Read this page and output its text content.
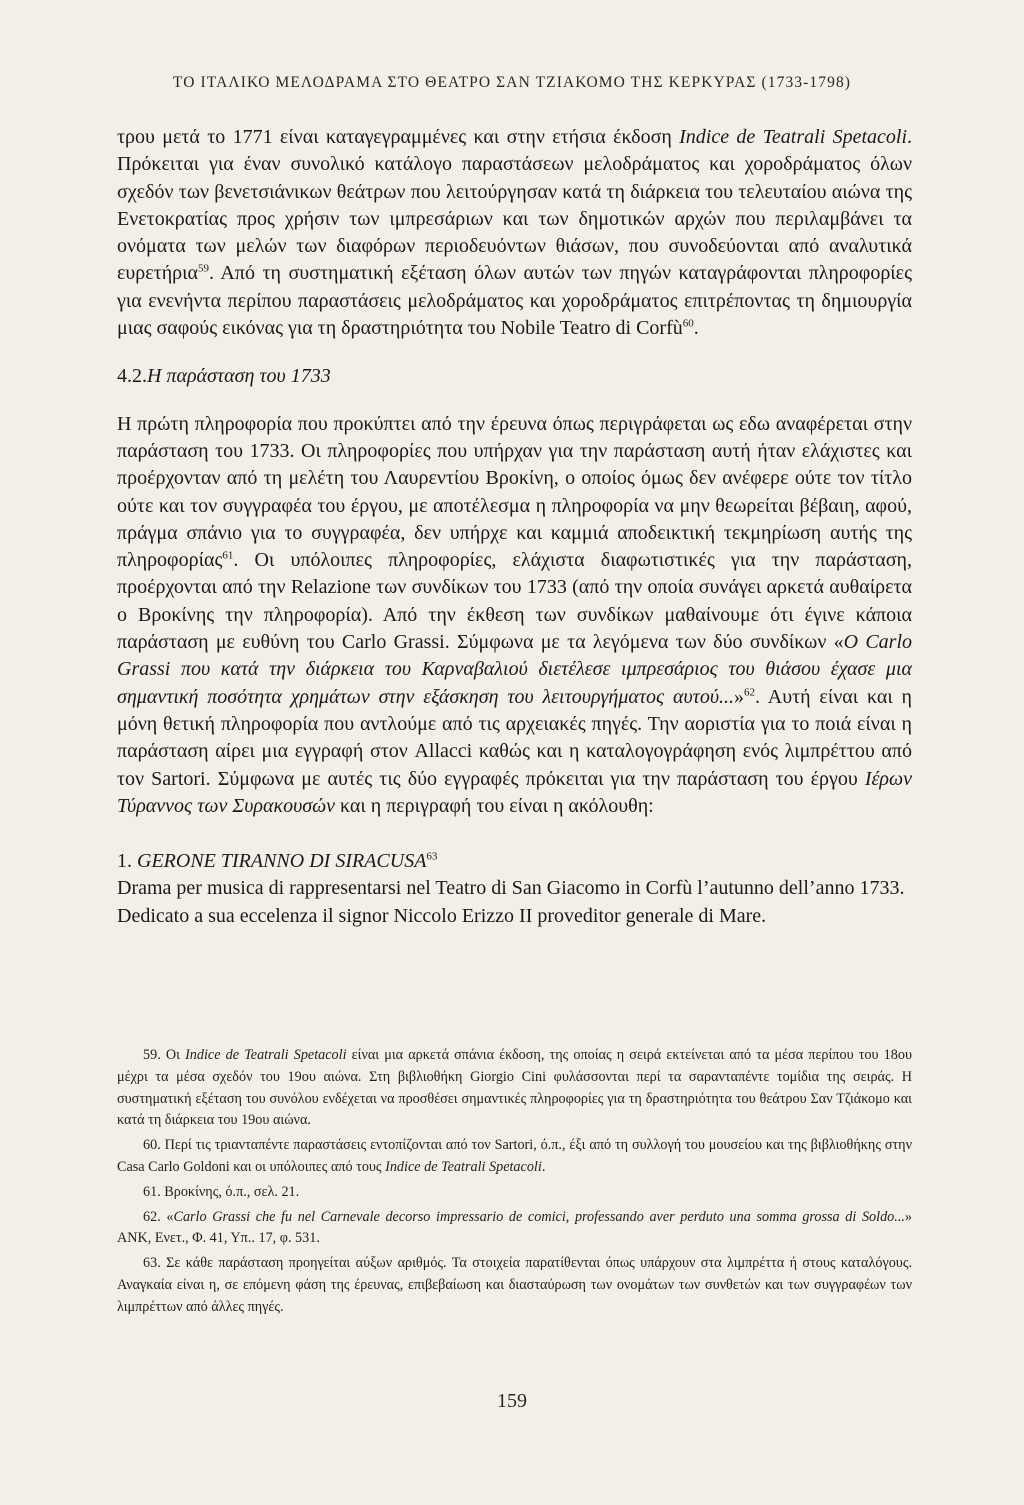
ΤΟ ΙΤΑΛΙΚΟ ΜΕΛΟΔΡΑΜΑ ΣΤΟ ΘΕΑΤΡΟ ΣΑΝ ΤΖΙΑΚΟΜΟ ΤΗΣ ΚΕΡΚΥΡΑΣ (1733-1798)

τρου μετά το 1771 είναι καταγεγραμμένες και στην ετήσια έκδοση Indice de Teatrali Spetacoli. Πρόκειται για έναν συνολικό κατάλογο παραστάσεων μελοδράματος και χοροδράματος όλων σχεδόν των βενετσιάνικων θεάτρων που λειτούργησαν κατά τη διάρκεια του τελευταίου αιώνα της Ενετοκρατίας προς χρήσιν των ιμπρεσάριων και των δημοτικών αρχών που περιλαμβάνει τα ονόματα των μελών των διαφόρων περιοδευόντων θιάσων, που συνοδεύονται από αναλυτικά ευρετήρια$^{59}$. Από τη συστηματική εξέταση όλων αυτών των πηγών καταγράφονται πληροφορίες για ενενήντα περίπου παραστάσεις μελοδράματος και χοροδράματος επιτρέποντας τη δημιουργία μιας σαφούς εικόνας για τη δραστηριότητα του Nobile Teatro di Corfù$^{60}$.

4.2.Η παράσταση του 1733

Η πρώτη πληροφορία που προκύπτει από την έρευνα όπως περιγράφεται ως εδω αναφέρεται στην παράσταση του 1733. Οι πληροφορίες που υπήρχαν για την παράσταση αυτή ήταν ελάχιστες και προέρχονταν από τη μελέτη του Λαυρεντίου Βροκίνη, ο οποίος όμως δεν ανέφερε ούτε τον τίτλο ούτε και τον συγγραφέα του έργου, με αποτέλεσμα η πληροφορία να μην θεωρείται βέβαιη, αφού, πράγμα σπάνιο για το συγγραφέα, δεν υπήρχε και καμμιά αποδεικτική τεκμηρίωση αυτής της πληροφορίας$^{61}$. Οι υπόλοιπες πληροφορίες, ελάχιστα διαφωτιστικές για την παράσταση, προέρχονται από την Relazione των συνδίκων του 1733 (από την οποία συνάγει αρκετά αυθαίρετα ο Βροκίνης την πληροφορία). Από την έκθεση των συνδίκων μαθαίνουμε ότι έγινε κάποια παράσταση με ευθύνη του Carlo Grassi. Σύμφωνα με τα λεγόμενα των δύο συνδίκων «Ο Carlo Grassi που κατά την διάρκεια του Καρναβαλιού διετέλεσε ιμπρεσάριος του θιάσου έχασε μια σημαντική ποσότητα χρημάτων στην εξάσκηση του λειτουργήματος αυτού...»$^{62}$. Αυτή είναι και η μόνη θετική πληροφορία που αντλούμε από τις αρχειακές πηγές. Την αοριστία για το ποιά είναι η παράσταση αίρει μια εγγραφή στον Allacci καθώς και η καταλογογράφηση ενός λιμπρέττου από τον Sartori. Σύμφωνα με αυτές τις δύο εγγραφές πρόκειται για την παράσταση του έργου Ιέρων Τύραννος των Συρακουσών και η περιγραφή του είναι η ακόλουθη:

1. GERONE TIRANNO DI SIRACUSA$^{63}$
Drama per musica di rappresentarsi nel Teatro di San Giacomo in Corfù l’autunno dell’anno 1733. Dedicato a sua eccelenza il signor Niccolo Erizzo II proveditor generale di Mare.

59. Οι Indice de Teatrali Spetacoli είναι μια αρκετά σπάνια έκδοση, της οποίας η σειρά εκτείνεται από τα μέσα περίπου του 18ου μέχρι τα μέσα σχεδόν του 19ου αιώνα. Στη βιβλιοθήκη Giorgio Cini φυλάσσονται περί τα σαρανταπέντε τομίδια της σειράς. Η συστηματική εξέταση του συνόλου ενδέχεται να προσθέσει σημαντικές πληροφορίες για τη δραστηριότητα του θεάτρου Σαν Τζιάκομο και κατά τη διάρκεια του 19ου αιώνα.

60. Περί τις τριανταπέντε παραστάσεις εντοπίζονται από τον Sartori, ό.π., έξι από τη συλλογή του μουσείου και της βιβλιοθήκης στην Casa Carlo Goldoni και οι υπόλοιπες από τους Indice de Teatrali Spetacoli.

61. Βροκίνης, ό.π., σελ. 21.

62. «Carlo Grassi che fu nel Carnevale decorso impressario de comici, professando aver perduto una somma grossa di Soldo...» ΑΝΚ, Ενετ., Φ. 41, Υπ.. 17, φ. 531.

63. Σε κάθε παράσταση προηγείται αύξων αριθμός. Τα στοιχεία παρατίθενται όπως υπάρχουν στα λιμπρέττα ή στους καταλόγους. Αναγκαία είναι η, σε επόμενη φάση της έρευνας, επιβεβαίωση και διασταύρωση των ονομάτων των συνθετών και των συγγραφέων των λιμπρέττων από άλλες πηγές.

159
